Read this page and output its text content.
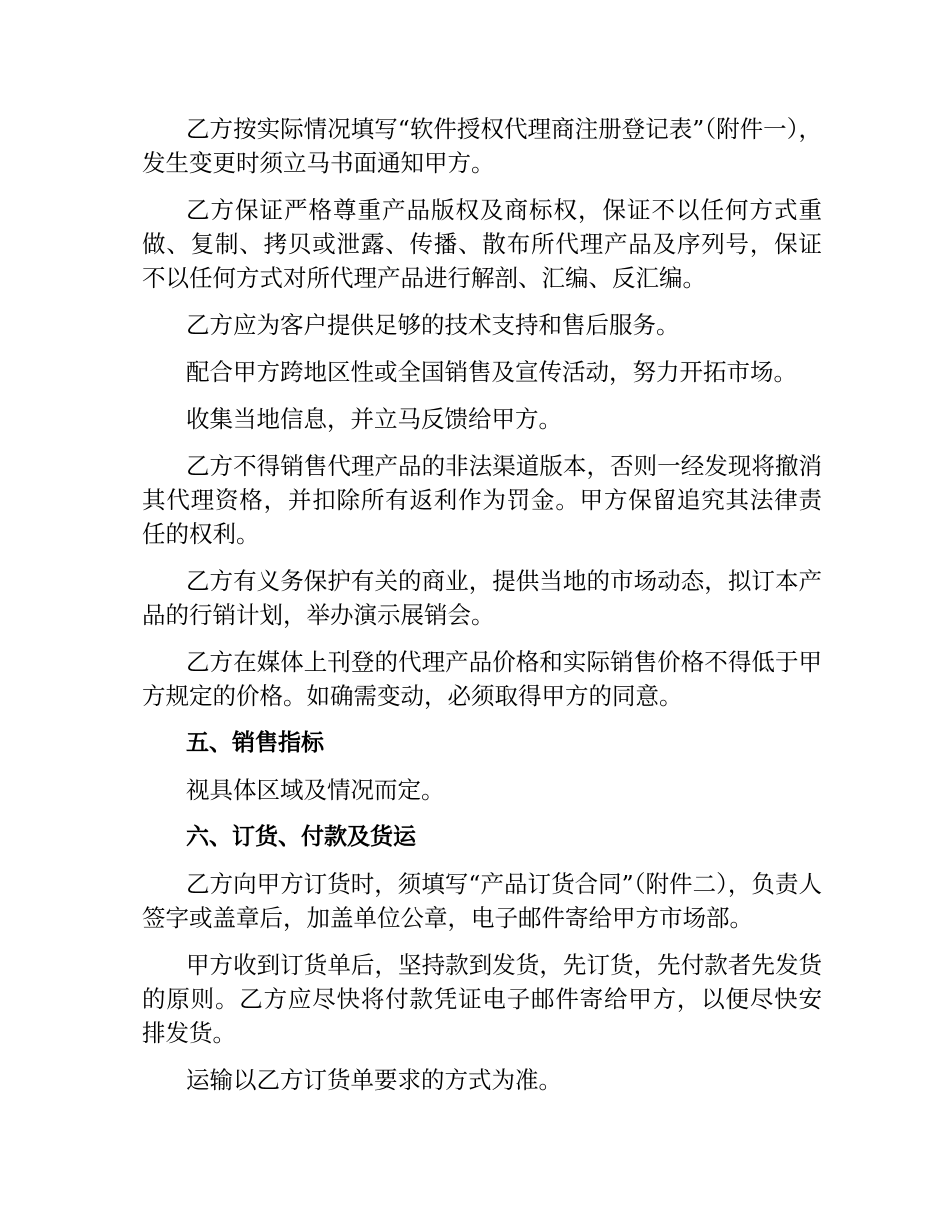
乙方按实际情况填写“软件授权代理商注册登记表”（附件一），发生变更时须立马书面通知甲方。

乙方保证严格尊重产品版权及商标权，保证不以任何方式重做、复制、拷贝或泄露、传播、散布所代理产品及序列号，保证不以任何方式对所代理产品进行解剖、汇编、反汇编。

乙方应为客户提供足够的技术支持和售后服务。

配合甲方跨地区性或全国销售及宣传活动，努力开拓市场。

收集当地信息，并立马反馈给甲方。

乙方不得销售代理产品的非法渠道版本，否则一经发现将撤消其代理资格，并扣除所有返利作为罚金。甲方保留追究其法律责任的权利。

乙方有义务保护有关的商业，提供当地的市场动态，拟订本产品的行销计划，举办演示展销会。

乙方在媒体上刊登的代理产品价格和实际销售价格不得低于甲方规定的价格。如确需变动，必须取得甲方的同意。

五、销售指标

视具体区域及情况而定。

六、订货、付款及货运

乙方向甲方订货时，须填写“产品订货合同”（附件二），负责人签字或盖章后，加盖单位公章，电子邮件寄给甲方市场部。

甲方收到订货单后，坚持款到发货，先订货，先付款者先发货的原则。乙方应尽快将付款凭证电子邮件寄给甲方，以便尽快安排发货。

运输以乙方订货单要求的方式为准。
